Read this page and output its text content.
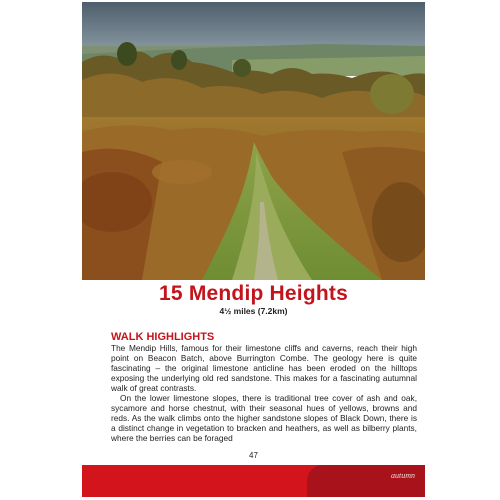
15 Mendip Heights
4½ miles (7.2km)
WALK HIGHLIGHTS

The Mendip Hills, famous for their limestone cliffs and caverns, reach their high point on Beacon Batch, above Burrington Combe. The geology here is quite fascinating – the original limestone anticline has been eroded on the hilltops exposing the underlying old red sandstone. This makes for a fascinating autumnal walk of great contrasts.

On the lower limestone slopes, there is traditional tree cover of ash and oak, sycamore and horse chestnut, with their seasonal hues of yellows, browns and reds. As the walk climbs onto the higher sandstone slopes of Black Down, there is a distinct change in vegetation to bracken and heathers, as well as bilberry plants, where the berries can be foraged

47
autumn
